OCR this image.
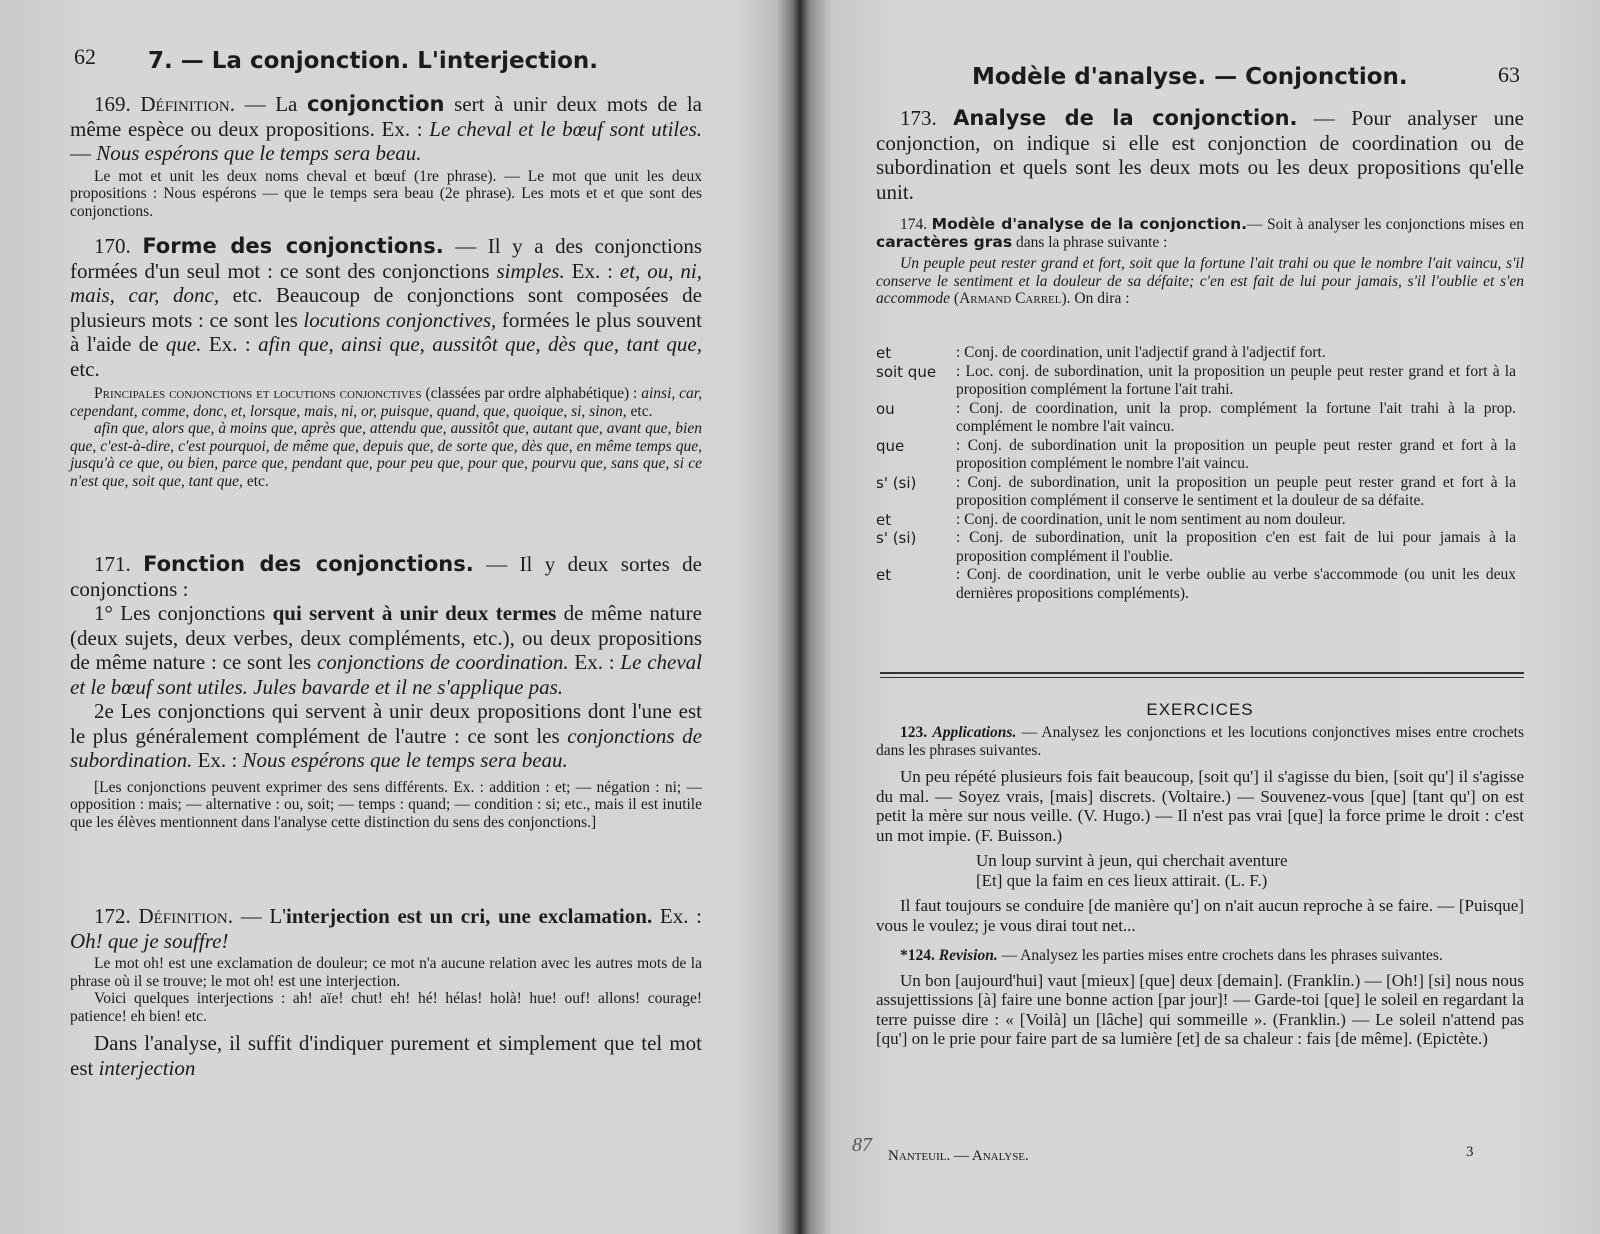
62 7. — La conjonction. L'interjection.

169. Définition. — La conjonction sert à unir deux mots de la même espèce ou deux propositions. Ex. : Le cheval et le bœuf sont utiles. — Nous espérons que le temps sera beau.

Le mot et unit les deux noms cheval et bœuf (1re phrase). — Le mot que unit les deux propositions : Nous espérons — que le temps sera beau (2e phrase). Les mots et et que sont des conjonctions.

170. Forme des conjonctions. — Il y a des conjonctions formées d'un seul mot : ce sont des conjonctions simples. Ex. : et, ou, ni, mais, car, donc, etc. Beaucoup de conjonctions sont composées de plusieurs mots : ce sont les locutions conjonctives, formées le plus souvent à l'aide de que. Ex. : afin que, ainsi que, aussitôt que, dès que, tant que, etc.

Principales conjonctions et locutions conjonctives (classées par ordre alphabétique) : ainsi, car, cependant, comme, donc, et, lorsque, mais, ni, or, puisque, quand, que, quoique, si, sinon, etc.

afin que, alors que, à moins que, après que, attendu que, aussitôt que, autant que, avant que, bien que, c'est-à-dire, c'est pourquoi, de même que, depuis que, de sorte que, dès que, en même temps que, jusqu'à ce que, ou bien, parce que, pendant que, pour peu que, pour que, pourvu que, sans que, si ce n'est que, soit que, tant que, etc.

171. Fonction des conjonctions. — Il y deux sortes de conjonctions :

1° Les conjonctions qui servent à unir deux termes de même nature (deux sujets, deux verbes, deux compléments, etc.), ou deux propositions de même nature : ce sont les conjonctions de coordination. Ex. : Le cheval et le bœuf sont utiles. Jules bavarde et il ne s'applique pas.

2e Les conjonctions qui servent à unir deux propositions dont l'une est le plus généralement complément de l'autre : ce sont les conjonctions de subordination. Ex. : Nous espérons que le temps sera beau.

[Les conjonctions peuvent exprimer des sens différents. Ex. : addition : et; — négation : ni; — opposition : mais; — alternative : ou, soit; — temps : quand; — condition : si; etc., mais il est inutile que les élèves mentionnent dans l'analyse cette distinction du sens des conjonctions.]

172. Définition. — L'interjection est un cri, une exclamation. Ex. : Oh! que je souffre!

Le mot oh! est une exclamation de douleur; ce mot n'a aucune relation avec les autres mots de la phrase où il se trouve; le mot oh! est une interjection.

Voici quelques interjections : ah! aïe! chut! eh! hé! hélas! holà! hue! ouf! allons! courage! patience! eh bien! etc.

Dans l'analyse, il suffit d'indiquer purement et simplement que tel mot est interjection

Modèle d'analyse. — Conjonction.	63

173. Analyse de la conjonction. — Pour analyser une conjonction, on indique si elle est conjonction de coordination ou de subordination et quels sont les deux mots ou les deux propositions qu'elle unit.

174. Modèle d'analyse de la conjonction.— Soit à analyser les conjonctions mises en caractères gras dans la phrase suivante :

Un peuple peut rester grand et fort, soit que la fortune l'ait trahi ou que le nombre l'ait vaincu, s'il conserve le sentiment et la douleur de sa défaite; c'en est fait de lui pour jamais, s'il l'oublie et s'en accommode (Armand Carrel). On dira :

et	: Conj. de coordination, unit l'adjectif grand à l'adjectif fort.
soit que	: Loc. conj. de subordination, unit la proposition un peuple peut rester grand et fort à la proposition complément la fortune l'ait trahi.
ou	: Conj. de coordination, unit la prop. complément la fortune l'ait trahi à la prop. complément le nombre l'ait vaincu.
que	: Conj. de subordination unit la proposition un peuple peut rester grand et fort à la proposition complément le nombre l'ait vaincu.
s' (si)	: Conj. de subordination, unit la proposition un peuple peut rester grand et fort à la proposition complément il conserve le sentiment et la douleur de sa défaite.
et	: Conj. de coordination, unit le nom sentiment au nom douleur.
s' (si)	: Conj. de subordination, unit la proposition c'en est fait de lui pour jamais à la proposition complément il l'oublie.
et	: Conj. de coordination, unit le verbe oublie au verbe s'accommode (ou unit les deux dernières propositions compléments).
EXERCICES

123. Applications. — Analysez les conjonctions et les locutions conjonctives mises entre crochets dans les phrases suivantes.

Un peu répété plusieurs fois fait beaucoup, [soit qu'] il s'agisse du bien, [soit qu'] il s'agisse du mal. — Soyez vrais, [mais] discrets. (Voltaire.) — Souvenez-vous [que] [tant qu'] on est petit la mère sur nous veille. (V. Hugo.) — Il n'est pas vrai [que] la force prime le droit : c'est un mot impie. (F. Buisson.)

Un loup survint à jeun, qui cherchait aventure
[Et] que la faim en ces lieux attirait. (L. F.)

Il faut toujours se conduire [de manière qu'] on n'ait aucun reproche à se faire. — [Puisque] vous le voulez; je vous dirai tout net...

*124. Revision. — Analysez les parties mises entre crochets dans les phrases suivantes.

Un bon [aujourd'hui] vaut [mieux] [que] deux [demain]. (Franklin.) — [Oh!] [si] nous nous assujettissions [à] faire une bonne action [par jour]! — Garde-toi [que] le soleil en regardant la terre puisse dire : « [Voilà] un [lâche] qui sommeille ». (Franklin.) — Le soleil n'attend pas [qu'] on le prie pour faire part de sa lumière [et] de sa chaleur : fais [de même]. (Epictète.)

87 Nanteuil. — Analyse.	3
